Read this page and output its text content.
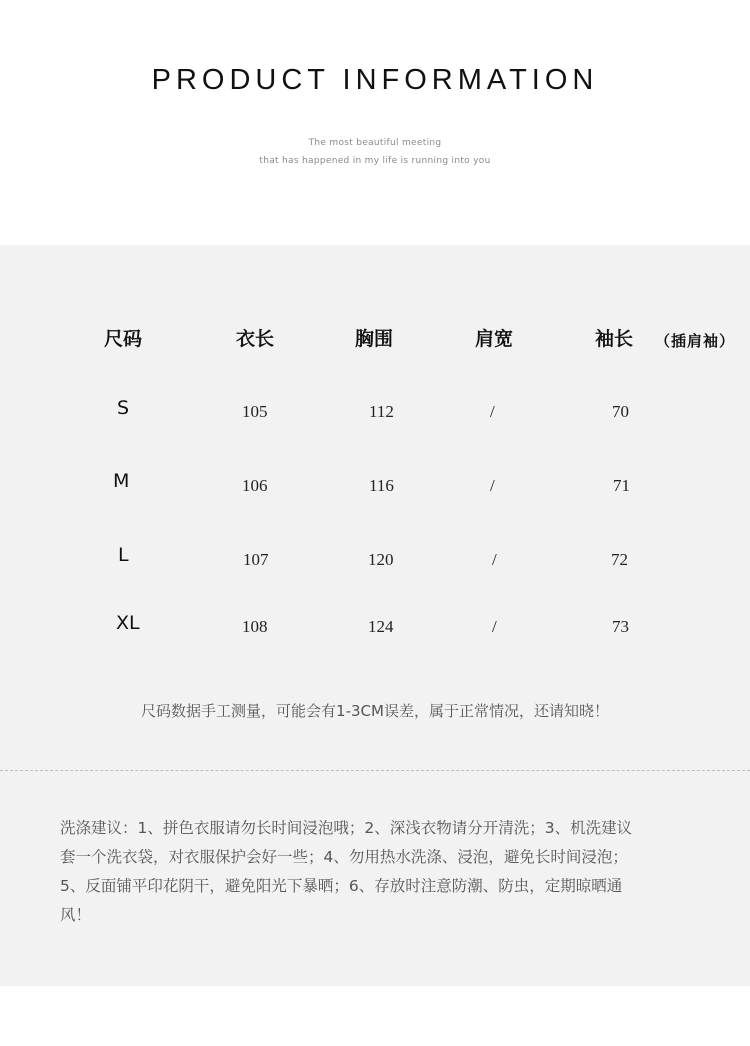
PRODUCT INFORMATION
The most beautiful meeting
that has happened in my life is running into you
尺码	衣长	胸围	肩宽	袖长 （插肩袖）
S	105	112	/	70
M	106	116	/	71
L	107	120	/	72
XL	108	124	/	73
尺码数据手工测量，可能会有1-3CM误差，属于正常情况，还请知晓！
洗涤建议：1、拼色衣服请勿长时间浸泡哦；2、深浅衣物请分开清洗；3、机洗建议
套一个洗衣袋，对衣服保护会好一些；4、勿用热水洗涤、浸泡，避免长时间浸泡；
5、反面铺平印花阴干，避免阳光下暴晒；6、存放时注意防潮、防虫，定期晾晒通
风！
